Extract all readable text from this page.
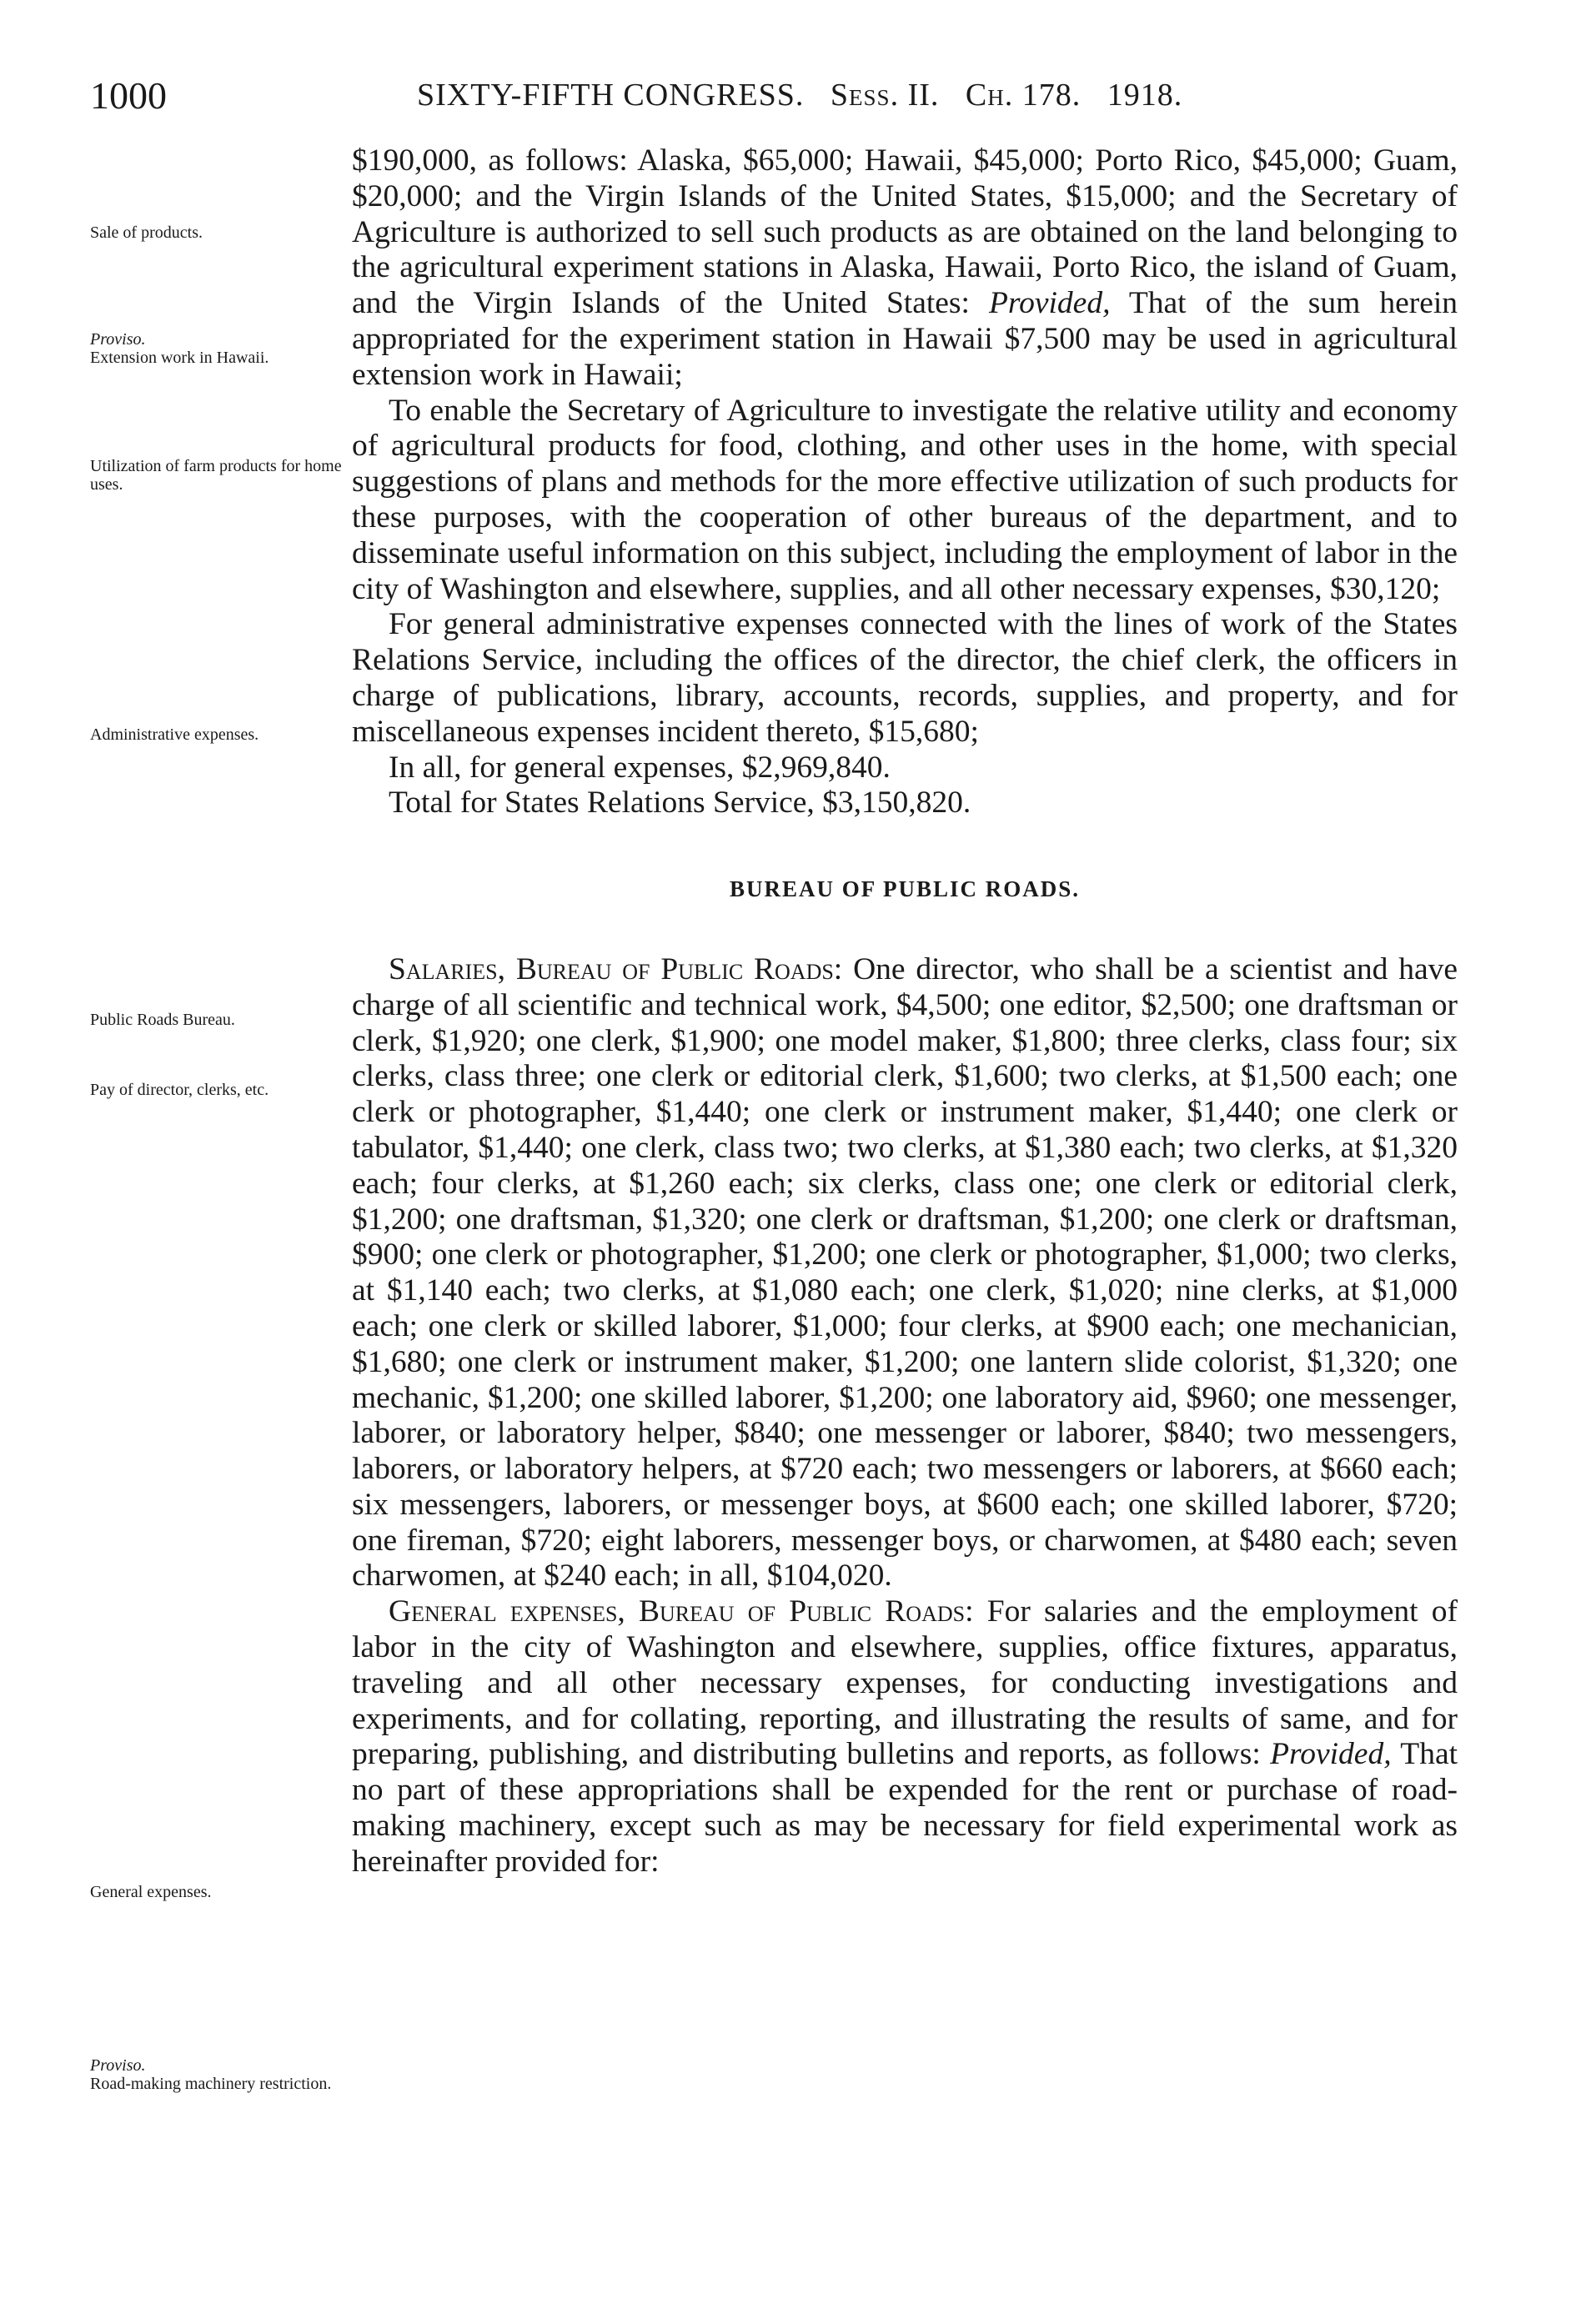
1000	SIXTY-FIFTH CONGRESS. Sess. II. Ch. 178. 1918.
Sale of products.
Proviso.
Extension work in Hawaii.
Utilization of farm products for home uses.
Administrative expenses.
Public Roads Bureau.
Pay of director, clerks, etc.
General expenses.
Proviso.
Road-making machinery restriction.

$190,000, as follows: Alaska, $65,000; Hawaii, $45,000; Porto Rico, $45,000; Guam, $20,000; and the Virgin Islands of the United States, $15,000; and the Secretary of Agriculture is authorized to sell such products as are obtained on the land belonging to the agricultural experiment stations in Alaska, Hawaii, Porto Rico, the island of Guam, and the Virgin Islands of the United States: Provided, That of the sum herein appropriated for the experiment station in Hawaii $7,500 may be used in agricultural extension work in Hawaii;

To enable the Secretary of Agriculture to investigate the relative utility and economy of agricultural products for food, clothing, and other uses in the home, with special suggestions of plans and methods for the more effective utilization of such products for these purposes, with the cooperation of other bureaus of the department, and to disseminate useful information on this subject, including the employment of labor in the city of Washington and elsewhere, supplies, and all other necessary expenses, $30,120;

For general administrative expenses connected with the lines of work of the States Relations Service, including the offices of the director, the chief clerk, the officers in charge of publications, library, accounts, records, supplies, and property, and for miscellaneous expenses incident thereto, $15,680;

In all, for general expenses, $2,969,840.

Total for States Relations Service, $3,150,820.

BUREAU OF PUBLIC ROADS.

Salaries, Bureau of Public Roads: One director, who shall be a scientist and have charge of all scientific and technical work, $4,500; one editor, $2,500; one draftsman or clerk, $1,920; one clerk, $1,900; one model maker, $1,800; three clerks, class four; six clerks, class three; one clerk or editorial clerk, $1,600; two clerks, at $1,500 each; one clerk or photographer, $1,440; one clerk or instrument maker, $1,440; one clerk or tabulator, $1,440; one clerk, class two; two clerks, at $1,380 each; two clerks, at $1,320 each; four clerks, at $1,260 each; six clerks, class one; one clerk or editorial clerk, $1,200; one draftsman, $1,320; one clerk or draftsman, $1,200; one clerk or draftsman, $900; one clerk or photographer, $1,200; one clerk or photographer, $1,000; two clerks, at $1,140 each; two clerks, at $1,080 each; one clerk, $1,020; nine clerks, at $1,000 each; one clerk or skilled laborer, $1,000; four clerks, at $900 each; one mechanician, $1,680; one clerk or instrument maker, $1,200; one lantern slide colorist, $1,320; one mechanic, $1,200; one skilled laborer, $1,200; one laboratory aid, $960; one messenger, laborer, or laboratory helper, $840; one messenger or laborer, $840; two messengers, laborers, or laboratory helpers, at $720 each; two messengers or laborers, at $660 each; six messengers, laborers, or messenger boys, at $600 each; one skilled laborer, $720; one fireman, $720; eight laborers, messenger boys, or charwomen, at $480 each; seven charwomen, at $240 each; in all, $104,020.

General expenses, Bureau of Public Roads: For salaries and the employment of labor in the city of Washington and elsewhere, supplies, office fixtures, apparatus, traveling and all other necessary expenses, for conducting investigations and experiments, and for collating, reporting, and illustrating the results of same, and for preparing, publishing, and distributing bulletins and reports, as follows: Provided, That no part of these appropriations shall be expended for the rent or purchase of road-making machinery, except such as may be necessary for field experimental work as hereinafter provided for:
